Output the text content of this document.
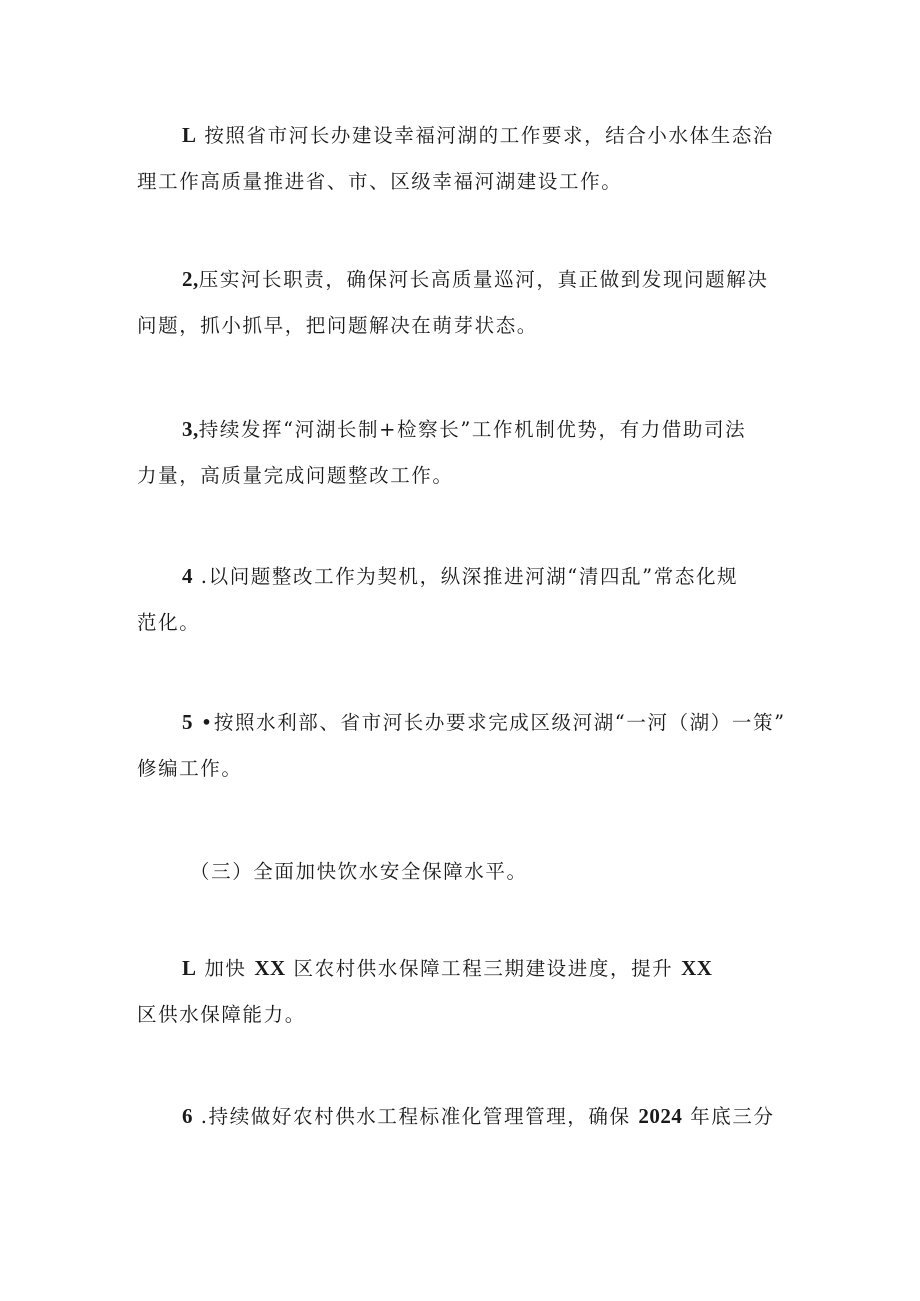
L 按照省市河长办建设幸福河湖的工作要求，结合小水体生态治
理工作高质量推进省、市、区级幸福河湖建设工作。

2,压实河长职责，确保河长高质量巡河，真正做到发现问题解决
问题，抓小抓早，把问题解决在萌芽状态。

3,持续发挥“河湖长制+检察长”工作机制优势，有力借助司法
力量，高质量完成问题整改工作。

4 .以问题整改工作为契机，纵深推进河湖“清四乱”常态化规
范化。

5 •按照水利部、省市河长办要求完成区级河湖“一河（湖）一策”
修编工作。

（三）全面加快饮水安全保障水平。

L 加快 XX 区农村供水保障工程三期建设进度，提升 XX
区供水保障能力。

6 .持续做好农村供水工程标准化管理管理，确保 2024 年底三分
